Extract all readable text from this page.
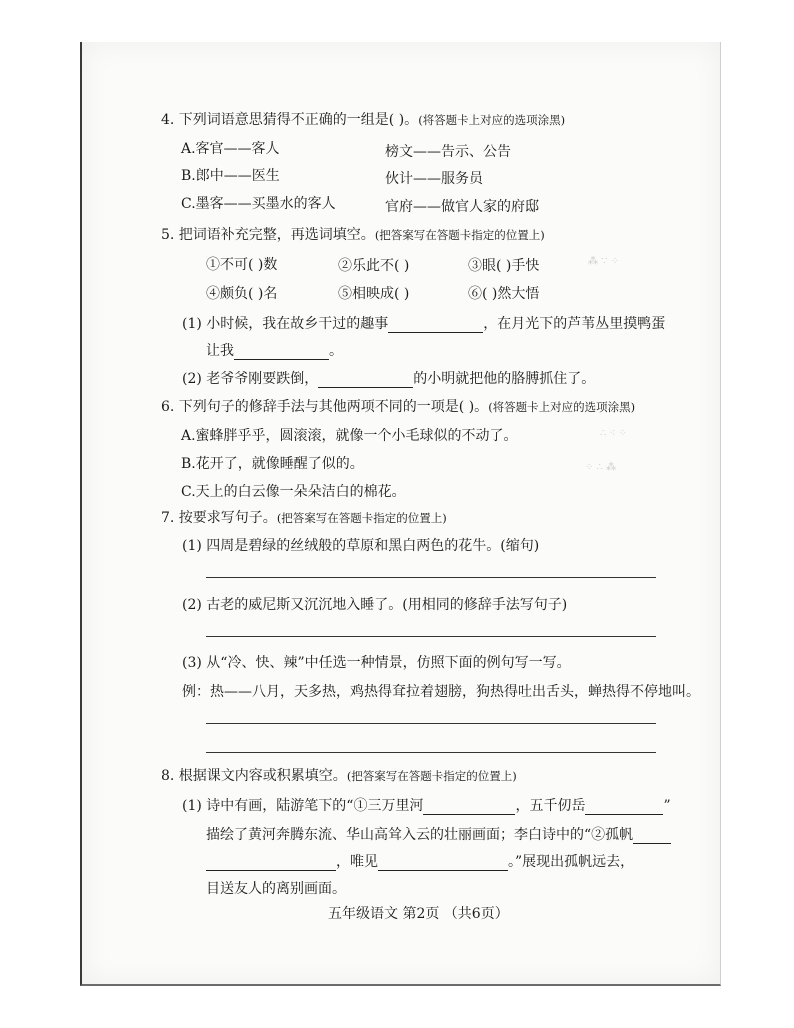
⁂ ∵ ⁘
∴ ⁖ ⁘
⁘ ∴ ⁂
4. 下列词语意思猜得不正确的一组是( )。(将答题卡上对应的选项涂黑)
A.客官——客人	榜文——告示、公告
B.郎中——医生	伙计——服务员
C.墨客——买墨水的客人	官府——做官人家的府邸
5. 把词语补充完整，再选词填空。(把答案写在答题卡指定的位置上)
①不可( )数	②乐此不( )	③眼( )手快
④颇负( )名	⑤相映成( )	⑥( )然大悟
(1) 小时候，我在故乡干过的趣事	，在月光下的芦苇丛里摸鸭蛋
让我	。
(2) 老爷爷刚要跌倒，	的小明就把他的胳膊抓住了。
6. 下列句子的修辞手法与其他两项不同的一项是( )。(将答题卡上对应的选项涂黑)
A.蜜蜂胖乎乎，圆滚滚，就像一个小毛球似的不动了。
B.花开了，就像睡醒了似的。
C.天上的白云像一朵朵洁白的棉花。
7. 按要求写句子。(把答案写在答题卡指定的位置上)
(1) 四周是碧绿的丝绒般的草原和黑白两色的花牛。(缩句)
(2) 古老的威尼斯又沉沉地入睡了。(用相同的修辞手法写句子)
(3) 从“冷、快、辣”中任选一种情景，仿照下面的例句写一写。
例：热——八月，天多热，鸡热得耷拉着翅膀，狗热得吐出舌头，蝉热得不停地叫。
8. 根据课文内容或积累填空。(把答案写在答题卡指定的位置上)
(1) 诗中有画，陆游笔下的“①三万里河	，五千仞岳	”
描绘了黄河奔腾东流、华山高耸入云的壮丽画面；李白诗中的“②孤帆
，唯见	。”展现出孤帆远去，
目送友人的离别画面。
五年级语文 第2页 （共6页）
